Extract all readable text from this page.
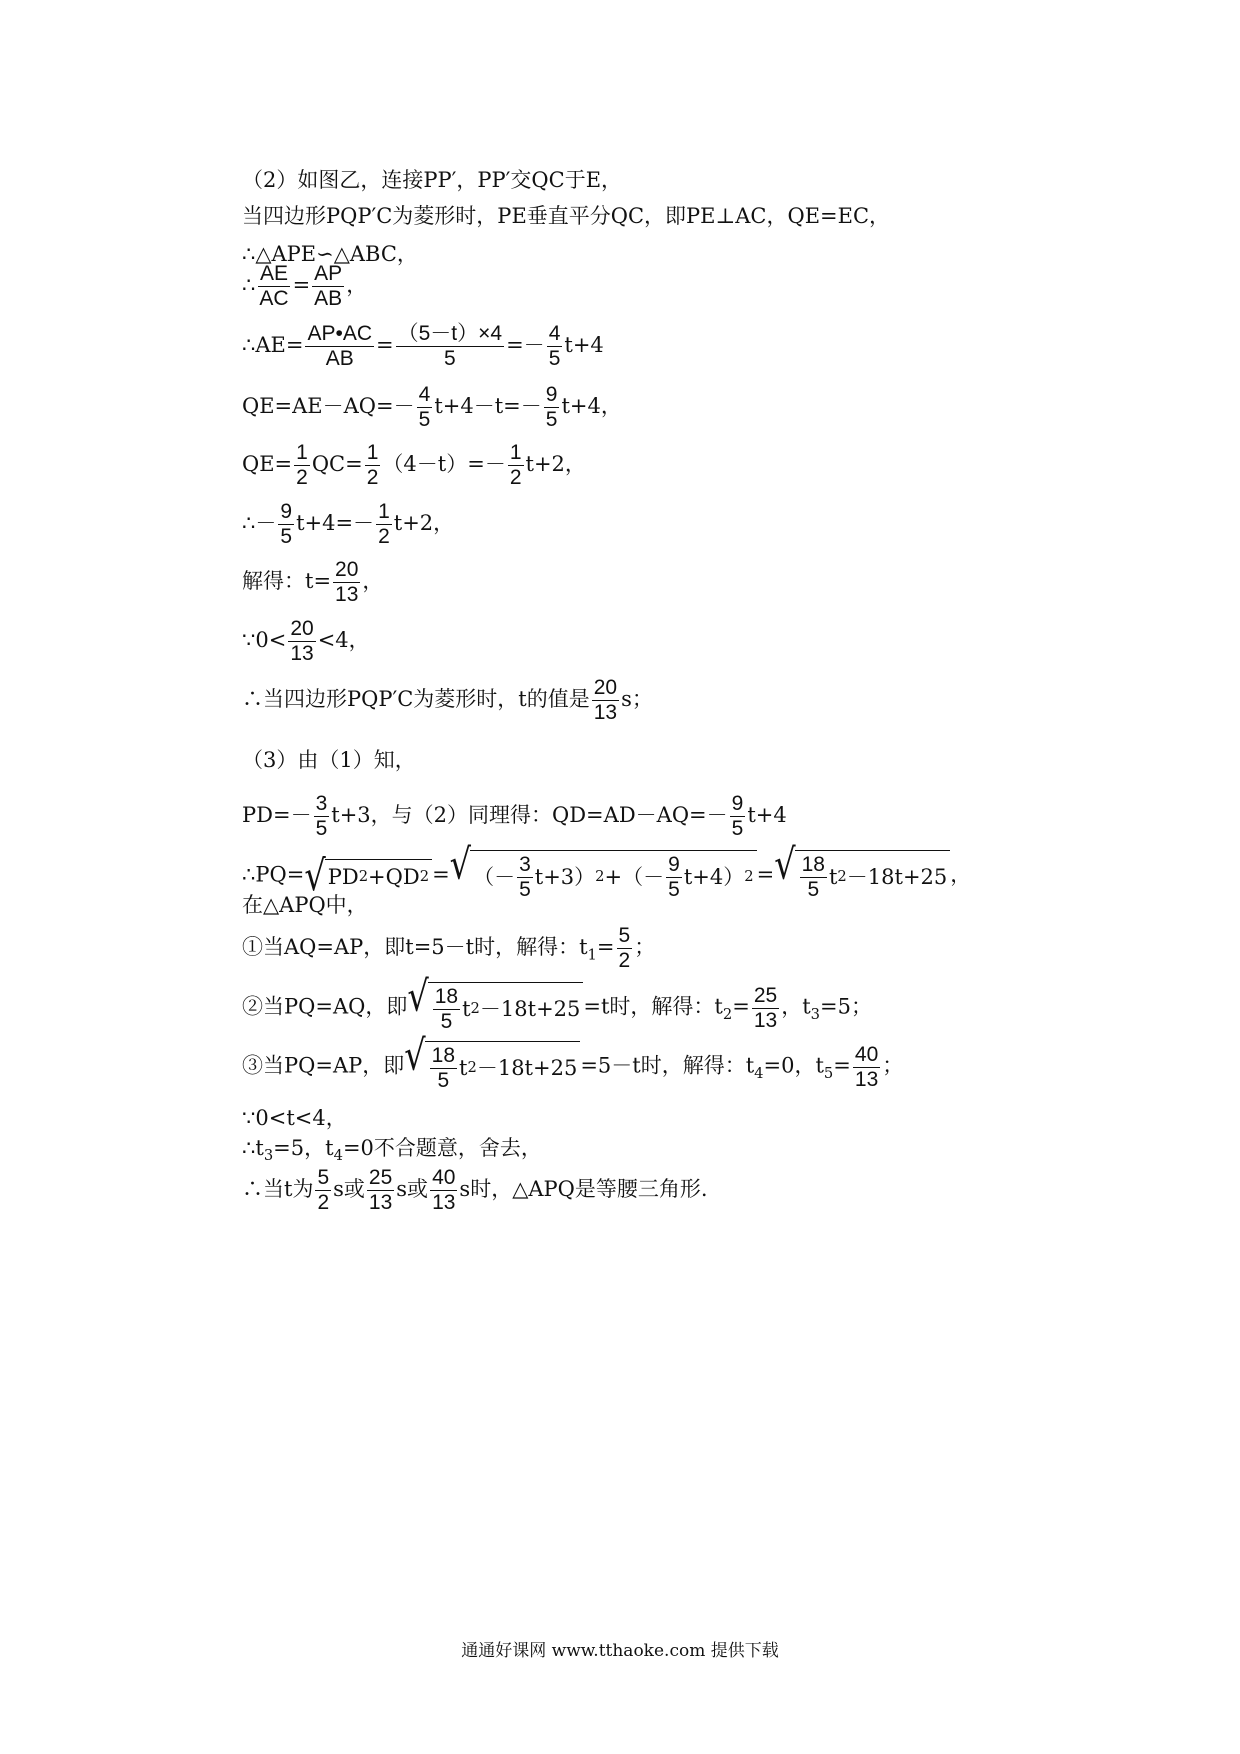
（2）如图乙，连接PP′，PP′交QC于E，
当四边形PQP′C为菱形时，PE垂直平分QC，即PE⊥AC，QE=EC，
∴△APE∽△ABC，
∴ $\frac{AE}{AC} = \frac{AP}{AB}$ ，
∴AE= $\frac{AP•AC}{AB} = \frac{(5-t)\times 4}{5} =- \frac{4}{5} t+4$
$QE=AE-AQ=- \frac{4}{5} t+4-t=- \frac{9}{5} t+4$，
$QE= \frac{1}{2} QC= \frac{1}{2} (4-t)=- \frac{1}{2} t+2$，
∴－ $\frac{9}{5} t+4=- \frac{1}{2} t+2$，
解得：$t= \frac{20}{13}$ ，
∵0< $\frac{20}{13} <4$，
∴当四边形PQP′C为菱形时，t的值是 $\frac{20}{13}$ s；
（3）由（1）知，
$PD=- \frac{3}{5} t+3$，与（2）同理得：$QD=AD-AQ=- \frac{9}{5} t+4$
∴PQ= √ PD 2 +QD 2 = √ （－ $\frac{3}{5} t+3$） 2 +（－ $\frac{9}{5} t+4$） 2 = √ $\frac{18}{5}$ t 2 －18t+25 ，
在△APQ中，
①当AQ=AP，即t=5－t时，解得：$t_1= \frac{5}{2}$ ；
②当PQ=AQ，即 √ $\frac{18}{5}$ t 2 －18t+25 =t时，解得：$t_2= \frac{25}{13}$ ，$t_3=5$；
③当PQ=AP，即 √ $\frac{18}{5}$ t 2 －18t+25 =5－t时，解得：$t_4=0$，$t_5= \frac{40}{13}$ ；
∵0<t<4，
$\therefore t_3=5$，$t_4=0$不合题意，舍去，
∴当t为 $\frac{5}{2}$ s或 $\frac{25}{13}$ s或 $\frac{40}{13}$ s时，△APQ是等腰三角形.
通通好课网 www.tthaoke.com 提供下载
